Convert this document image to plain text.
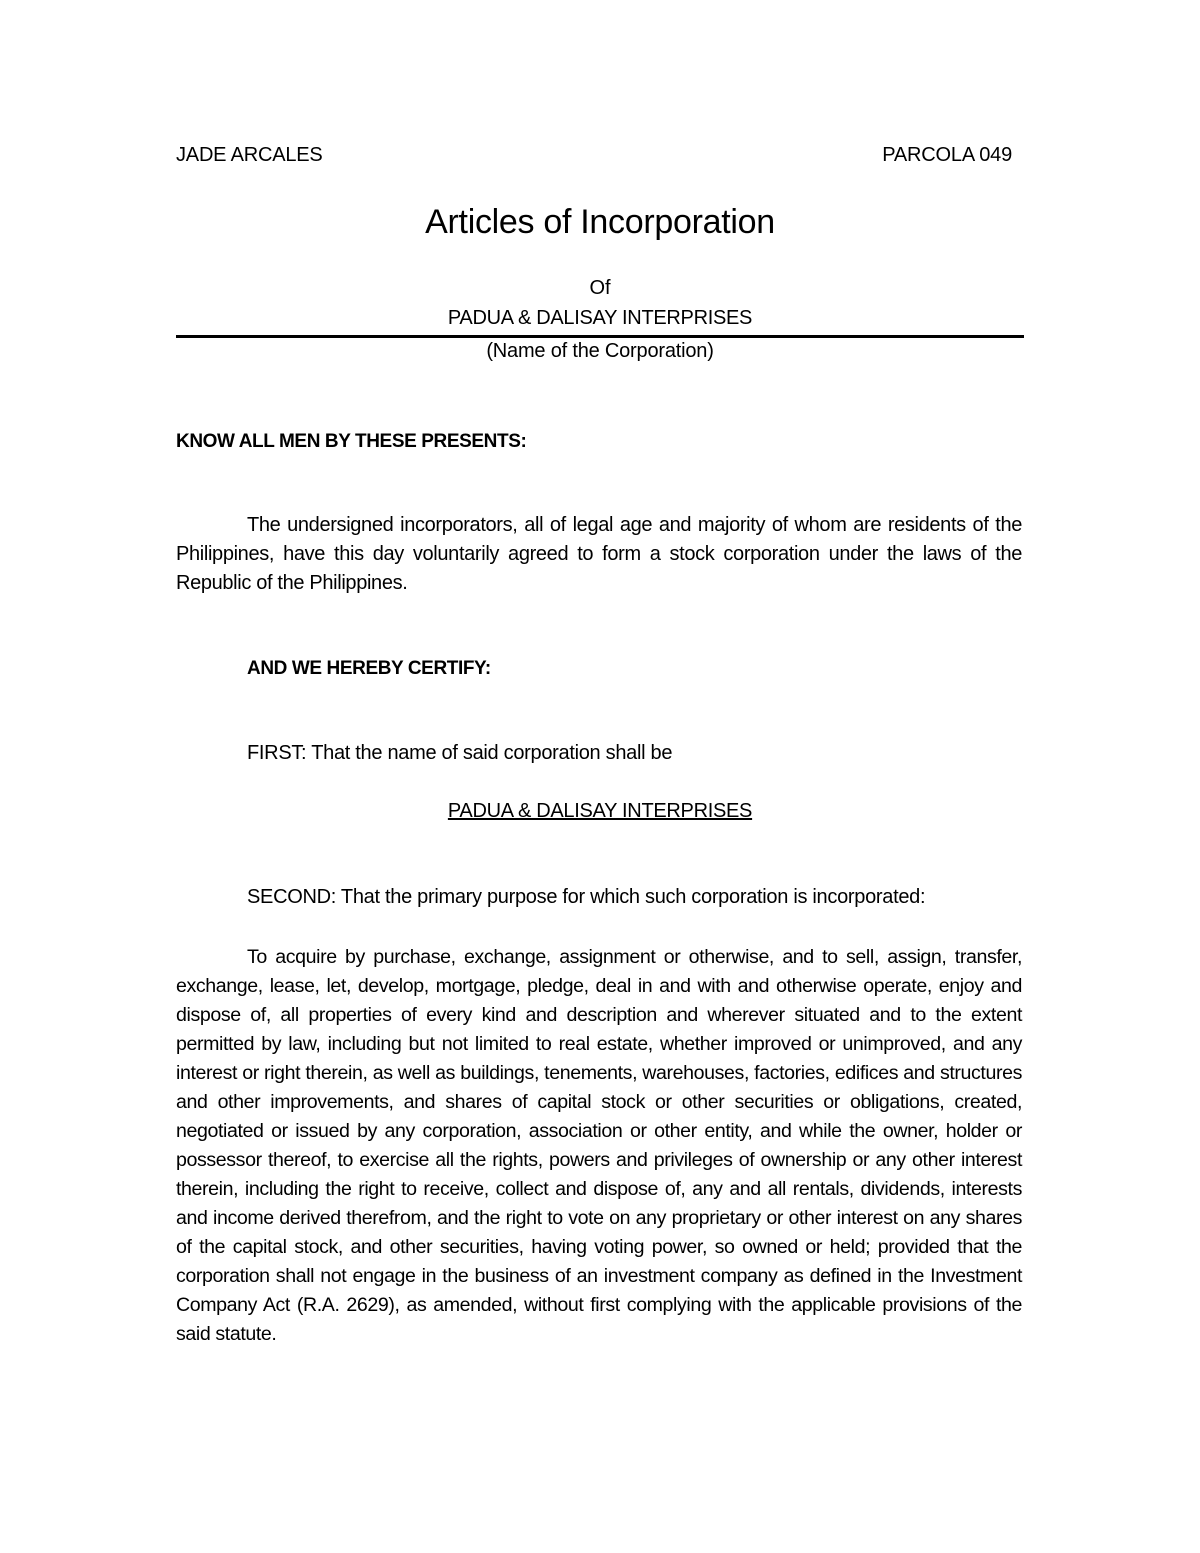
JADE ARCALES	PARCOLA 049
Articles of Incorporation
Of
PADUA & DALISAY INTERPRISES
(Name of the Corporation)
KNOW ALL MEN BY THESE PRESENTS:
The undersigned incorporators, all of legal age and majority of whom are residents of the Philippines, have this day voluntarily agreed to form a stock corporation under the laws of the Republic of the Philippines.
AND WE HEREBY CERTIFY:
FIRST: That the name of said corporation shall be
PADUA & DALISAY INTERPRISES
SECOND: That the primary purpose for which such corporation is incorporated:
To acquire by purchase, exchange, assignment or otherwise, and to sell, assign, transfer, exchange, lease, let, develop, mortgage, pledge, deal in and with and otherwise operate, enjoy and dispose of, all properties of every kind and description and wherever situated and to the extent permitted by law, including but not limited to real estate, whether improved or unimproved, and any interest or right therein, as well as buildings, tenements, warehouses, factories, edifices and structures and other improvements, and shares of capital stock or other securities or obligations, created, negotiated or issued by any corporation, association or other entity, and while the owner, holder or possessor thereof, to exercise all the rights, powers and privileges of ownership or any other interest therein, including the right to receive, collect and dispose of, any and all rentals, dividends, interests and income derived therefrom, and the right to vote on any proprietary or other interest on any shares of the capital stock, and other securities, having voting power, so owned or held; provided that the corporation shall not engage in the business of an investment company as defined in the Investment Company Act (R.A. 2629), as amended, without first complying with the applicable provisions of the said statute.
